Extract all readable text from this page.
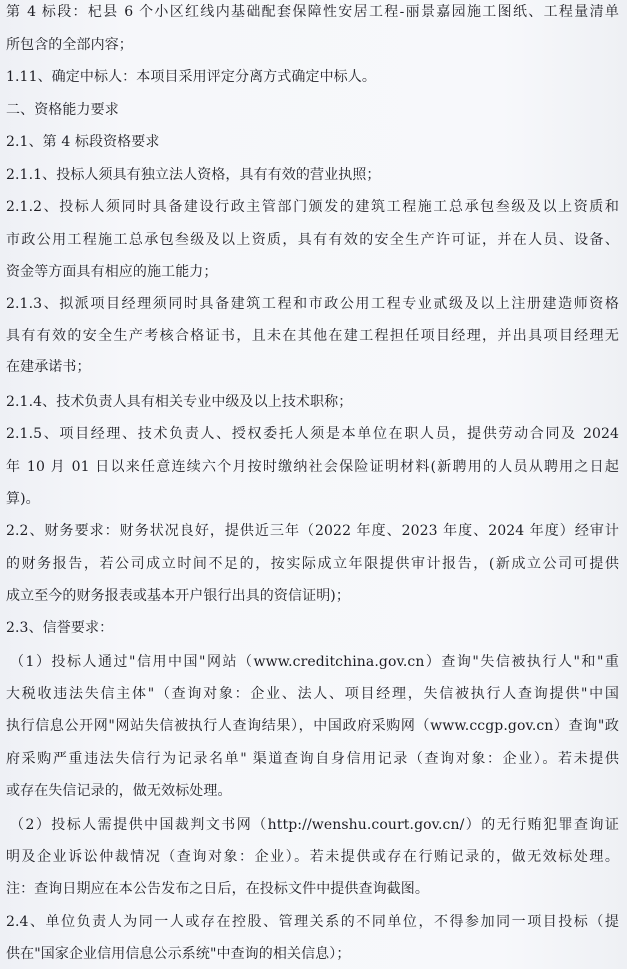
第 4 标段：杞县 6 个小区红线内基础配套保障性安居工程-丽景嘉园施工图纸、工程量清单
所包含的全部内容；
1.11、确定中标人：本项目采用评定分离方式确定中标人。
二、资格能力要求
2.1、第 4 标段资格要求
2.1.1、投标人须具有独立法人资格，具有有效的营业执照；
2.1.2、投标人须同时具备建设行政主管部门颁发的建筑工程施工总承包叁级及以上资质和
市政公用工程施工总承包叁级及以上资质，具有有效的安全生产许可证，并在人员、设备、
资金等方面具有相应的施工能力；
2.1.3、拟派项目经理须同时具备建筑工程和市政公用工程专业贰级及以上注册建造师资格
具有有效的安全生产考核合格证书，且未在其他在建工程担任项目经理，并出具项目经理无
在建承诺书；
2.1.4、技术负责人具有相关专业中级及以上技术职称；
2.1.5、项目经理、技术负责人、授权委托人须是本单位在职人员，提供劳动合同及 2024
年 10 月 01 日以来任意连续六个月按时缴纳社会保险证明材料(新聘用的人员从聘用之日起
算)。
2.2、财务要求：财务状况良好，提供近三年（2022 年度、2023 年度、2024 年度）经审计
的财务报告，若公司成立时间不足的，按实际成立年限提供审计报告，(新成立公司可提供
成立至今的财务报表或基本开户银行出具的资信证明)；
2.3、信誉要求：
（1）投标人通过"信用中国"网站（www.creditchina.gov.cn）查询"失信被执行人"和"重
大税收违法失信主体"（查询对象：企业、法人、项目经理，失信被执行人查询提供"中国
执行信息公开网"网站失信被执行人查询结果），中国政府采购网（www.ccgp.gov.cn）查询"政
府采购严重违法失信行为记录名单" 渠道查询自身信用记录（查询对象：企业）。若未提供
或存在失信记录的，做无效标处理。
（2）投标人需提供中国裁判文书网（http://wenshu.court.gov.cn/）的无行贿犯罪查询证
明及企业诉讼仲裁情况（查询对象：企业）。若未提供或存在行贿记录的，做无效标处理。
注：查询日期应在本公告发布之日后，在投标文件中提供查询截图。
2.4、单位负责人为同一人或存在控股、管理关系的不同单位，不得参加同一项目投标（提
供在"国家企业信用信息公示系统"中查询的相关信息）；
